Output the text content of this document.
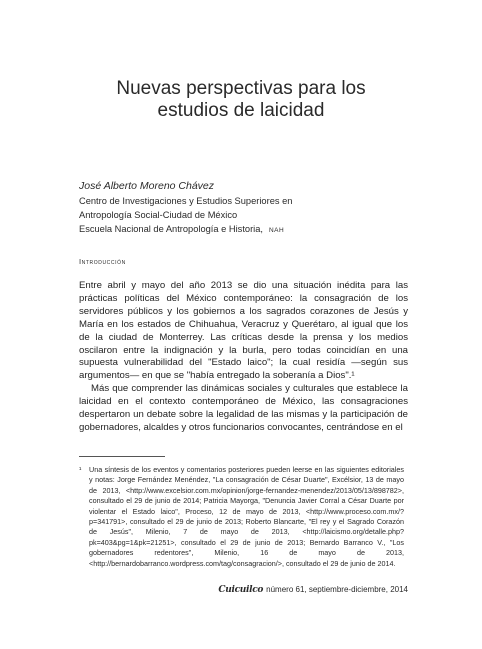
Nuevas perspectivas para los
estudios de laicidad
José Alberto Moreno Chávez
Centro de Investigaciones y Estudios Superiores en
Antropología Social-Ciudad de México
Escuela Nacional de Antropología e Historia, NAH
Introducción

Entre abril y mayo del año 2013 se dio una situación inédita para las prácticas políticas del México contemporáneo: la consagración de los servidores públicos y los gobiernos a los sagrados corazones de Jesús y María en los estados de Chihuahua, Veracruz y Querétaro, al igual que los de la ciudad de Monterrey. Las críticas desde la prensa y los medios oscilaron entre la indignación y la burla, pero todas coincidían en una supuesta vulnerabilidad del "Estado laico"; la cual residía —según sus argumentos— en que se "había entregado la soberanía a Dios".¹

Más que comprender las dinámicas sociales y culturales que establece la laicidad en el contexto contemporáneo de México, las consagraciones despertaron un debate sobre la legalidad de las mismas y la participación de gobernadores, alcaldes y otros funcionarios convocantes, centrándose en el

¹ Una síntesis de los eventos y comentarios posteriores pueden leerse en las siguientes editoriales y notas: Jorge Fernández Menéndez, "La consagración de César Duarte", Excélsior, 13 de mayo de 2013, <http://www.excelsior.com.mx/opinion/jorge-fernandez-menendez/2013/05/13/898782>, consultado el 29 de junio de 2014; Patricia Mayorga, "Denuncia Javier Corral a César Duarte por violentar el Estado laico", Proceso, 12 de mayo de 2013, <http://www.proceso.com.mx/?p=341791>, consultado el 29 de junio de 2013; Roberto Blancarte, "El rey y el Sagrado Corazón de Jesús", Milenio, 7 de mayo de 2013, <http://laicismo.org/detalle.php?pk=403&pg=1&pk=21251>, consultado el 29 de junio de 2013; Bernardo Barranco V., "Los gobernadores redentores", Milenio, 16 de mayo de 2013, <http://bernardobarranco.wordpress.com/tag/consagracion/>, consultado el 29 de junio de 2014.
Cuicuilco número 61, septiembre-diciembre, 2014
